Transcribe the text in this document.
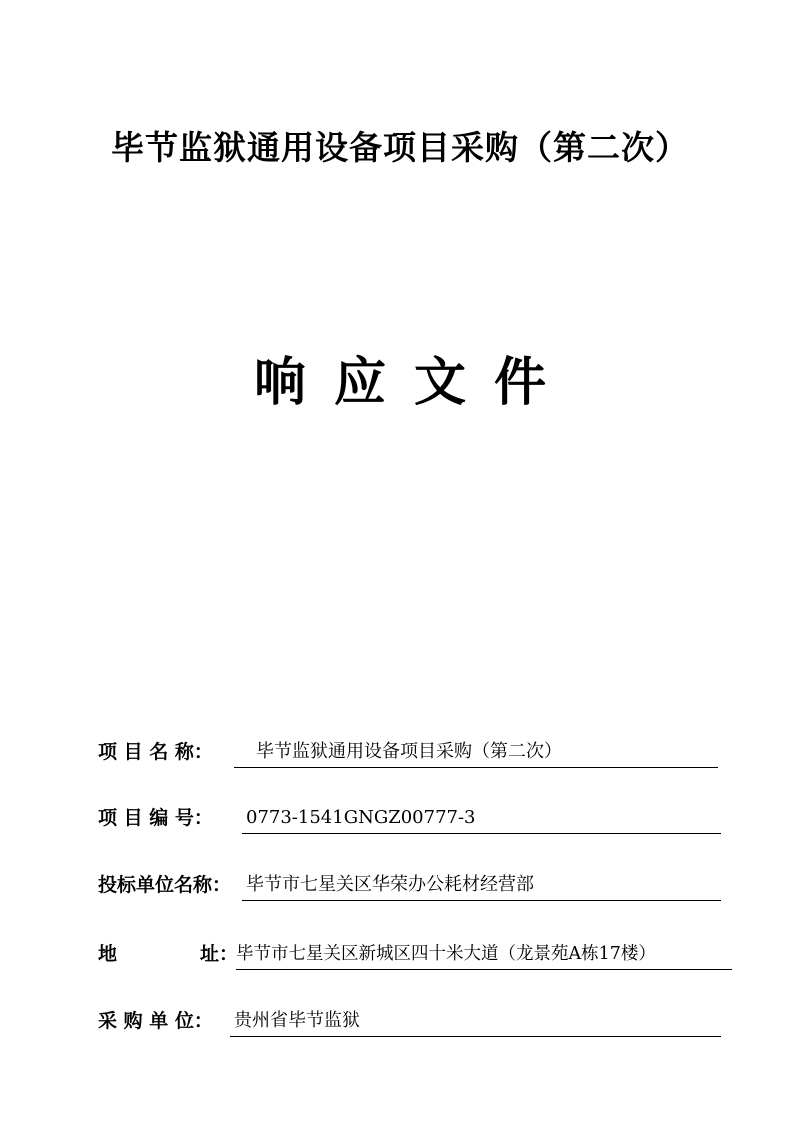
毕节监狱通用设备项目采购（第二次）
响应文件
项 目 名 称：	毕节监狱通用设备项目采购（第二次）
项 目 编 号： 0773-1541GNGZ00777-3
投标单位名称： 毕节市七星关区华荣办公耗材经营部
地	址：
毕节市七星关区新城区四十米大道（龙景苑A栋17楼）
采 购 单 位： 贵州省毕节监狱
